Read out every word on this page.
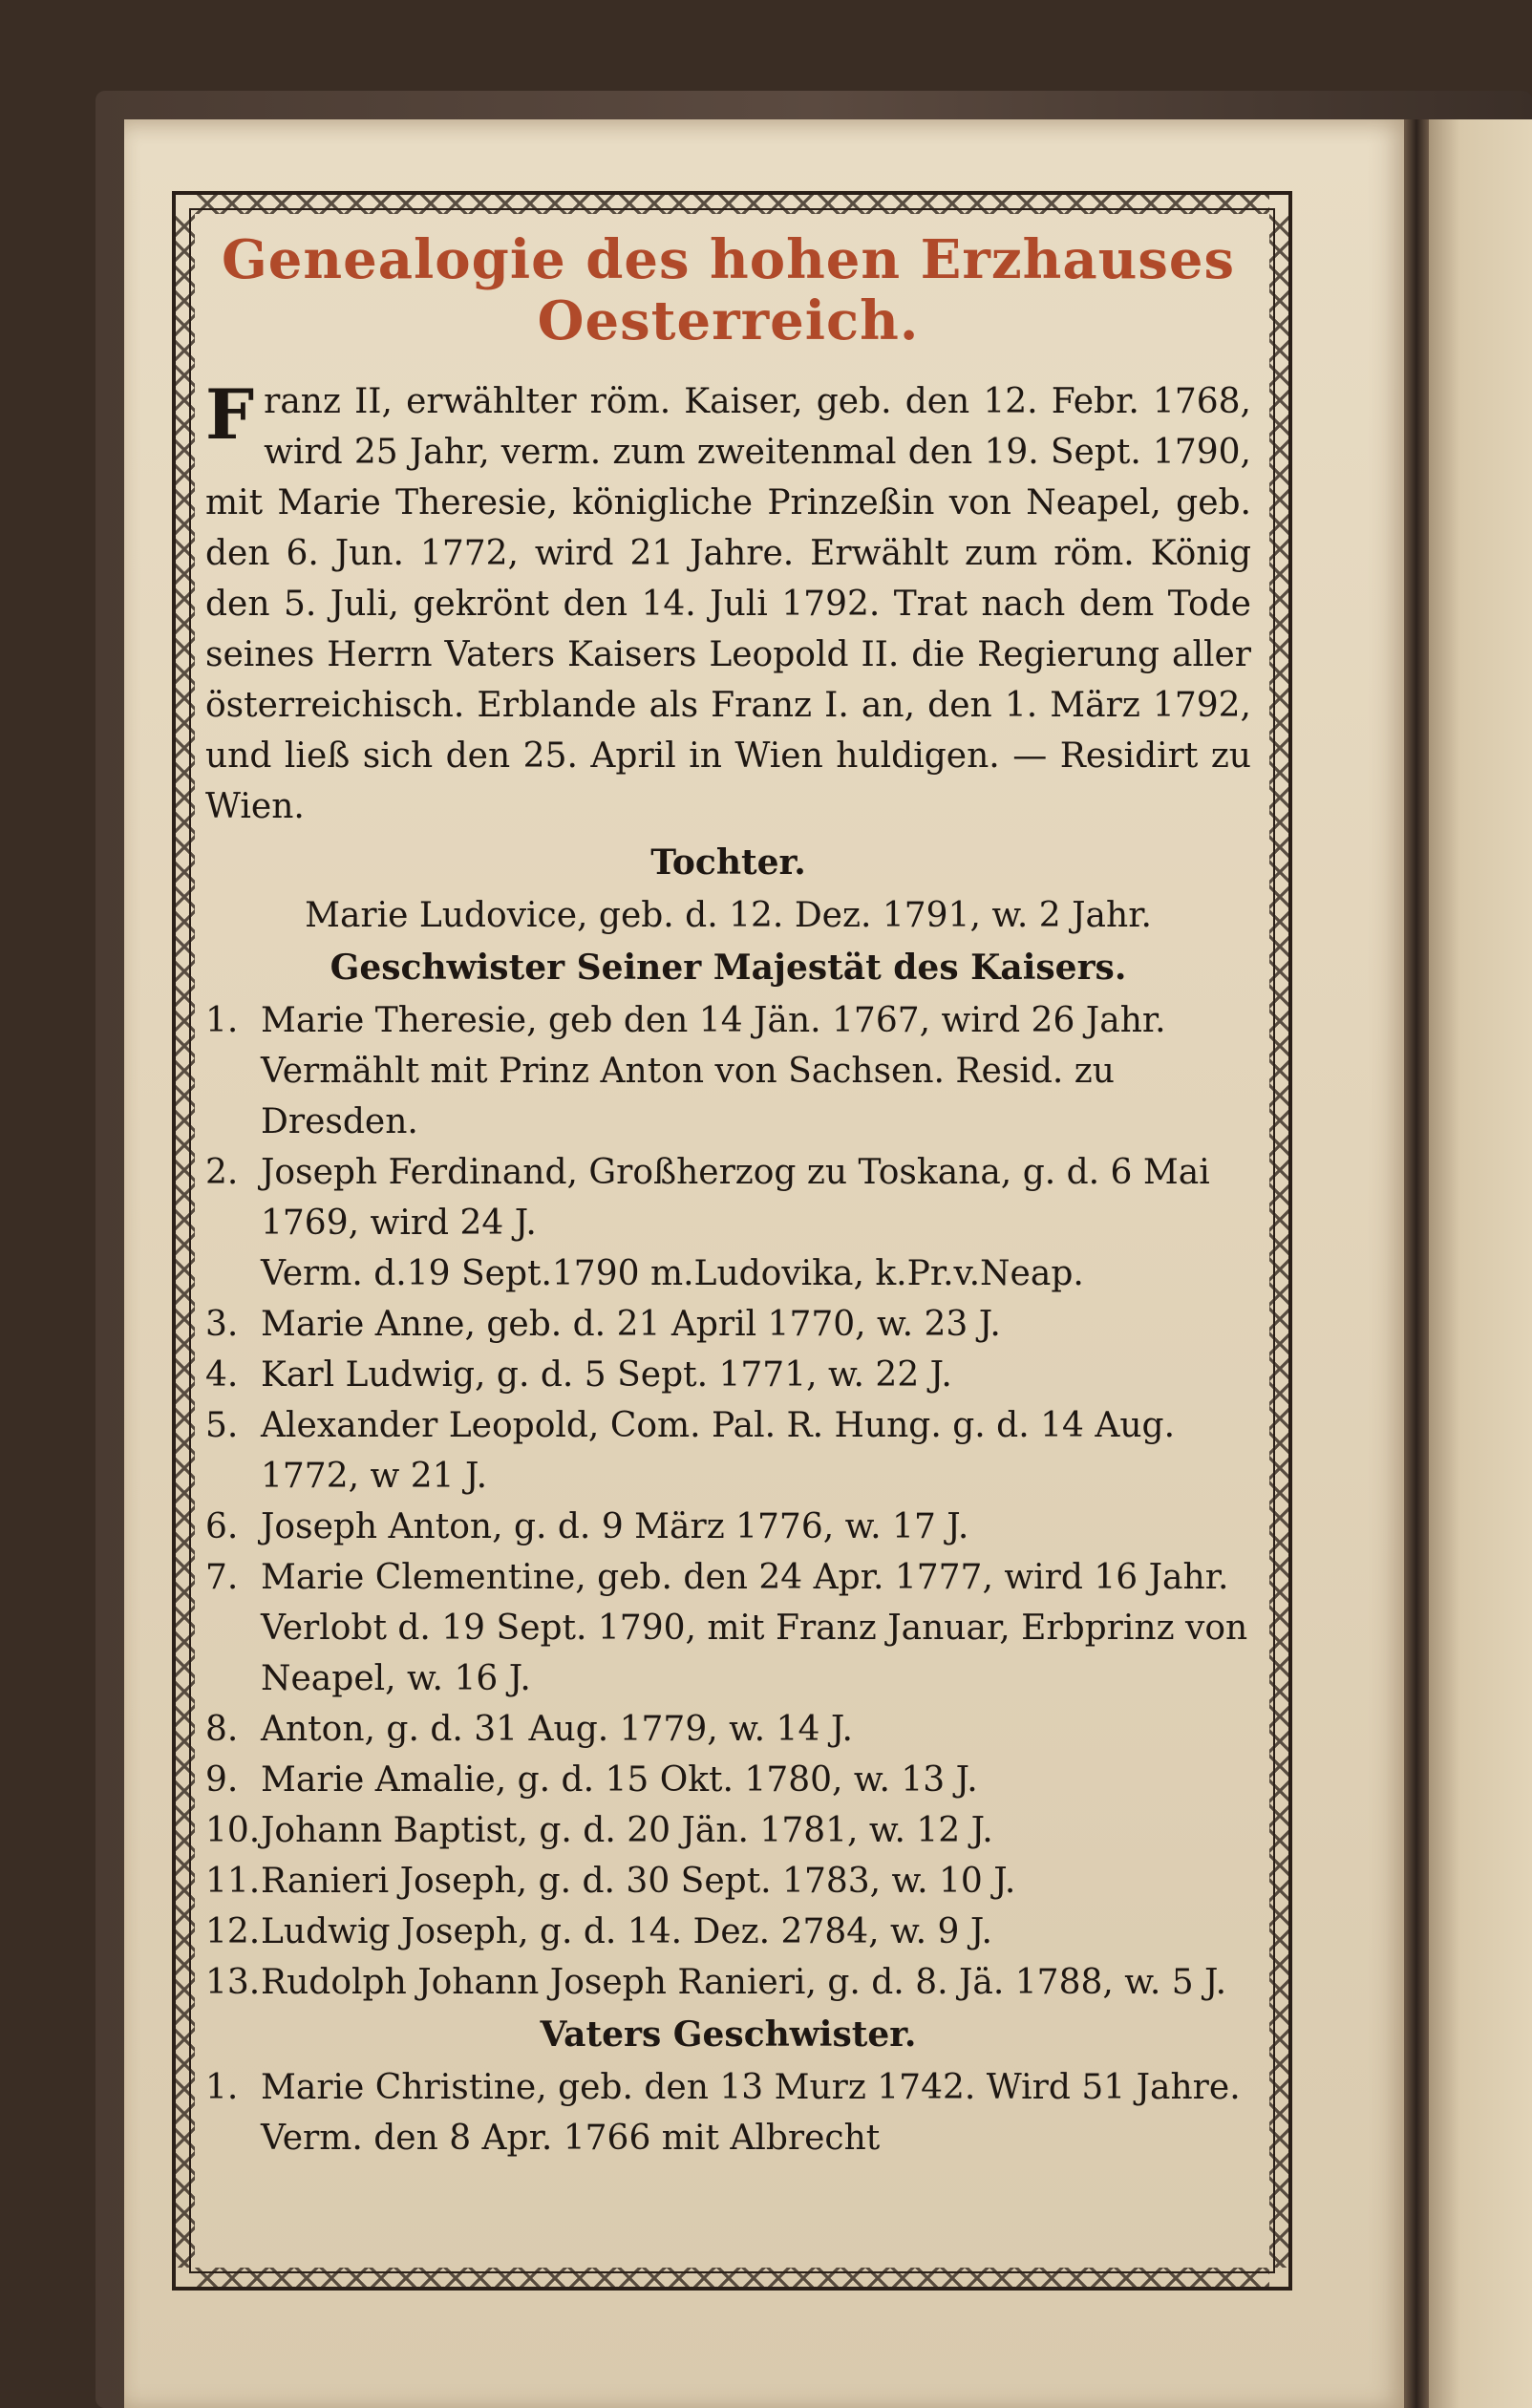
Genealogie des hohen Erzhauses Oesterreich.
Franz II, erwählter röm. Kaiser, geb. den 12. Febr. 1768, wird 25 Jahr, verm. zum zweitenmal den 19. Sept. 1790, mit Marie Theresie, königliche Prinzeßin von Neapel, geb. den 6. Jun. 1772, wird 21 Jahre. Erwählt zum röm. König den 5. Juli, gekrönt den 14. Juli 1792. Trat nach dem Tode seines Herrn Vaters Kaisers Leopold II. die Regierung aller österreichisch. Erblande als Franz I. an, den 1. März 1792, und ließ sich den 25. April in Wien huldigen. — Residirt zu Wien.
Tochter.
Marie Ludovice, geb. d. 12. Dez. 1791, w. 2 Jahr.
Geschwister Seiner Majestät des Kaisers.
1. Marie Theresie, geb den 14 Jän. 1767, wird 26 Jahr. Vermählt mit Prinz Anton von Sachsen. Resid. zu Dresden.
2. Joseph Ferdinand, Großherzog zu Toskana, g. d. 6 Mai 1769, wird 24 J.
Verm. d.19 Sept.1790 m.Ludovika, k.Pr.v.Neap.
3. Marie Anne, geb. d. 21 April 1770, w. 23 J.
4. Karl Ludwig, g. d. 5 Sept. 1771, w. 22 J.
5. Alexander Leopold, Com. Pal. R. Hung. g. d. 14 Aug. 1772, w 21 J.
6. Joseph Anton, g. d. 9 März 1776, w. 17 J.
7. Marie Clementine, geb. den 24 Apr. 1777, wird 16 Jahr. Verlobt d. 19 Sept. 1790, mit Franz Januar, Erbprinz von Neapel, w. 16 J.
8. Anton, g. d. 31 Aug. 1779, w. 14 J.
9. Marie Amalie, g. d. 15 Okt. 1780, w. 13 J.
10. Johann Baptist, g. d. 20 Jän. 1781, w. 12 J.
11. Ranieri Joseph, g. d. 30 Sept. 1783, w. 10 J.
12. Ludwig Joseph, g. d. 14. Dez. 2784, w. 9 J.
13. Rudolph Johann Joseph Ranieri, g. d. 8. Jä. 1788, w. 5 J.
Vaters Geschwister.
1. Marie Christine, geb. den 13 Murz 1742. Wird 51 Jahre. Verm. den 8 Apr. 1766 mit Albrecht
